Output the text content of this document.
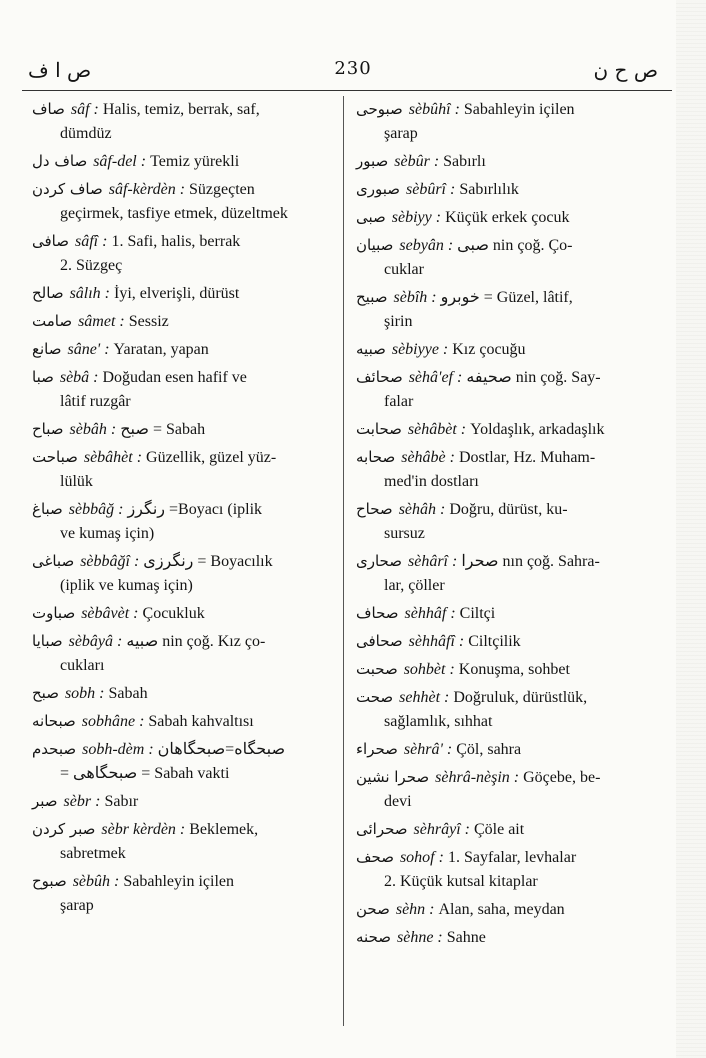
ص ا ف	230	ص ح ن
صاف sâf : Halis, temiz, berrak, saf,
dümdüz
صاف دل sâf-del : Temiz yürekli
صاف كردن sâf-kèrdèn : Süzgeçten
geçirmek, tasfiye etmek, düzeltmek
صافى sâfî : 1. Safi, halis, berrak
2. Süzgeç
صالح sâlıh : İyi, elverişli, dürüst
صامت sâmet : Sessiz
صانع sâne' : Yaratan, yapan
صبا sèbâ : Doğudan esen hafif ve
lâtif ruzgâr
صباح sèbâh : صبح = Sabah
صباحت sèbâhèt : Güzellik, güzel yüz-
lülük
صباغ sèbbâğ : رنگرز =Boyacı (iplik
ve kumaş için)
صباغى sèbbâğî : رنگرزى = Boyacılık
(iplik ve kumaş için)
صباوت sèbâvèt : Çocukluk
صبايا sèbâyâ : صبيه nin çoğ. Kız ço-
cukları
صبح sobh : Sabah
صبحانه sobhâne : Sabah kahvaltısı
صبحدم sobh-dèm : صبحگاه=صبحگاهان
= صبحگاهى = Sabah vakti
صبر sèbr : Sabır
صبر كردن sèbr kèrdèn : Beklemek,
sabretmek
صبوح sèbûh : Sabahleyin içilen
şarap
صبوحى sèbûhî : Sabahleyin içilen
şarap
صبور sèbûr : Sabırlı
صبورى sèbûrî : Sabırlılık
صبى sèbiyy : Küçük erkek çocuk
صبيان sebyân : صبى nin çoğ. Ço-
cuklar
صبيح sèbîh : خوبرو = Güzel, lâtif,
şirin
صبيه sèbiyye : Kız çocuğu
صحائف sèhâ'ef : صحيفه nin çoğ. Say-
falar
صحابت sèhâbèt : Yoldaşlık, arkadaşlık
صحابه sèhâbè : Dostlar, Hz. Muham-
med'in dostları
صحاح sèhâh : Doğru, dürüst, ku-
sursuz
صحارى sèhârî : صحرا nın çoğ. Sahra-
lar, çöller
صحاف sèhhâf : Ciltçi
صحافى sèhhâfî : Ciltçilik
صحبت sohbèt : Konuşma, sohbet
صحت sehhèt : Doğruluk, dürüstlük,
sağlamlık, sıhhat
صحراء sèhrâ' : Çöl, sahra
صحرا نشين sèhrâ-nèşin : Göçebe, be-
devi
صحرائى sèhrâyî : Çöle ait
صحف sohof : 1. Sayfalar, levhalar
2. Küçük kutsal kitaplar
صحن sèhn : Alan, saha, meydan
صحنه sèhne : Sahne
